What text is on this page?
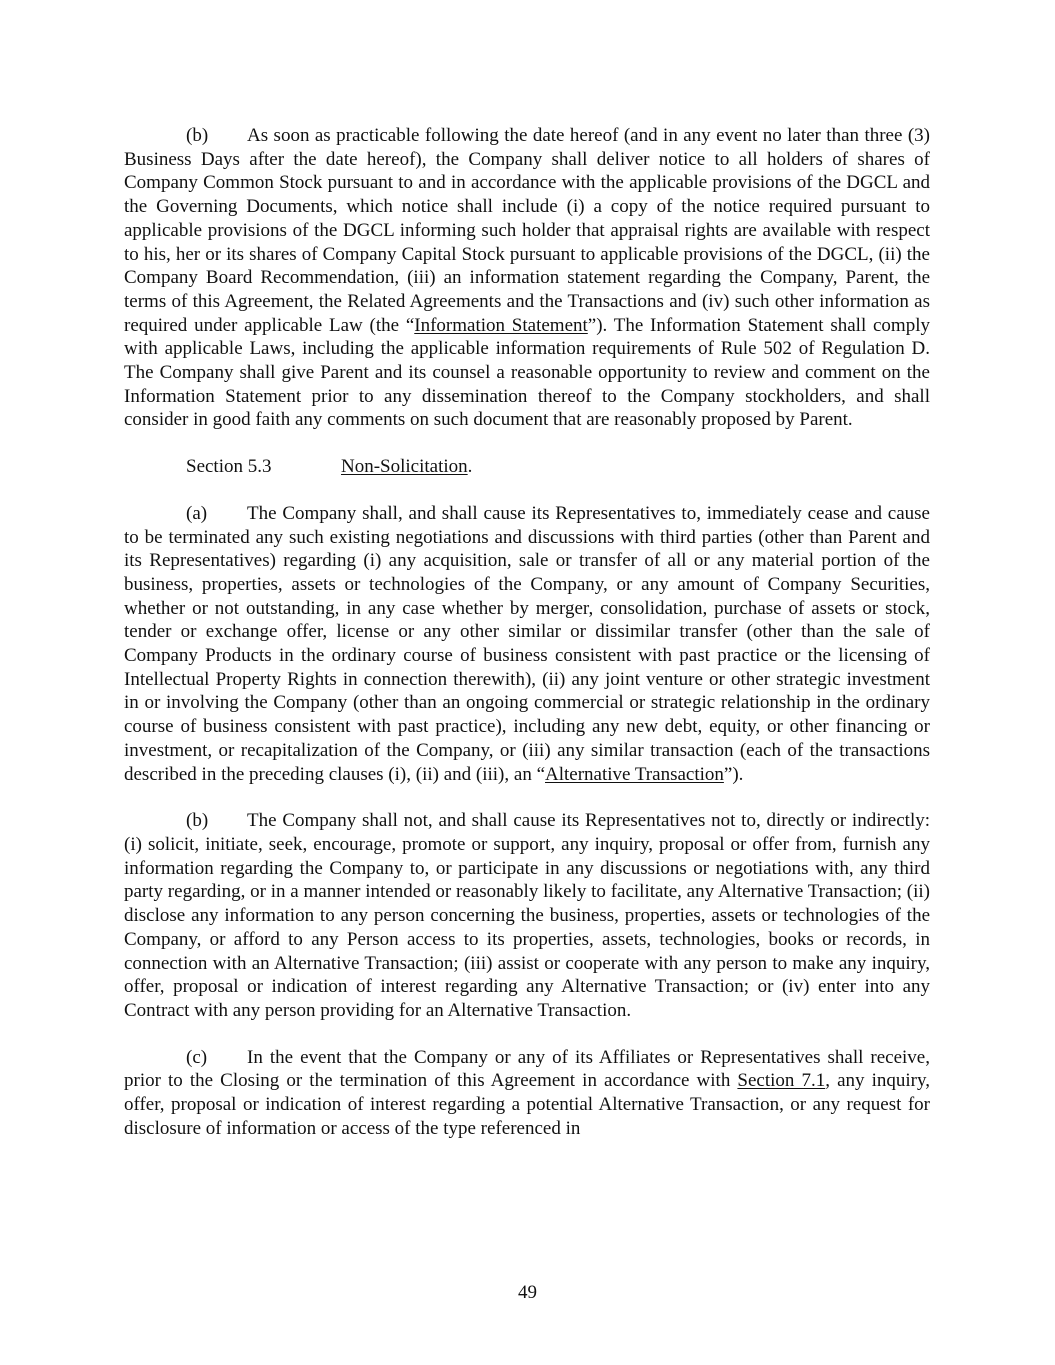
(b) As soon as practicable following the date hereof (and in any event no later than three (3) Business Days after the date hereof), the Company shall deliver notice to all holders of shares of Company Common Stock pursuant to and in accordance with the applicable provisions of the DGCL and the Governing Documents, which notice shall include (i) a copy of the notice required pursuant to applicable provisions of the DGCL informing such holder that appraisal rights are available with respect to his, her or its shares of Company Capital Stock pursuant to applicable provisions of the DGCL, (ii) the Company Board Recommendation, (iii) an information statement regarding the Company, Parent, the terms of this Agreement, the Related Agreements and the Transactions and (iv) such other information as required under applicable Law (the “Information Statement”). The Information Statement shall comply with applicable Laws, including the applicable information requirements of Rule 502 of Regulation D. The Company shall give Parent and its counsel a reasonable opportunity to review and comment on the Information Statement prior to any dissemination thereof to the Company stockholders, and shall consider in good faith any comments on such document that are reasonably proposed by Parent.

Section 5.3	Non-Solicitation.

(a) The Company shall, and shall cause its Representatives to, immediately cease and cause to be terminated any such existing negotiations and discussions with third parties (other than Parent and its Representatives) regarding (i) any acquisition, sale or transfer of all or any material portion of the business, properties, assets or technologies of the Company, or any amount of Company Securities, whether or not outstanding, in any case whether by merger, consolidation, purchase of assets or stock, tender or exchange offer, license or any other similar or dissimilar transfer (other than the sale of Company Products in the ordinary course of business consistent with past practice or the licensing of Intellectual Property Rights in connection therewith), (ii) any joint venture or other strategic investment in or involving the Company (other than an ongoing commercial or strategic relationship in the ordinary course of business consistent with past practice), including any new debt, equity, or other financing or investment, or recapitalization of the Company, or (iii) any similar transaction (each of the transactions described in the preceding clauses (i), (ii) and (iii), an “Alternative Transaction”).

(b) The Company shall not, and shall cause its Representatives not to, directly or indirectly: (i) solicit, initiate, seek, encourage, promote or support, any inquiry, proposal or offer from, furnish any information regarding the Company to, or participate in any discussions or negotiations with, any third party regarding, or in a manner intended or reasonably likely to facilitate, any Alternative Transaction; (ii) disclose any information to any person concerning the business, properties, assets or technologies of the Company, or afford to any Person access to its properties, assets, technologies, books or records, in connection with an Alternative Transaction; (iii) assist or cooperate with any person to make any inquiry, offer, proposal or indication of interest regarding any Alternative Transaction; or (iv) enter into any Contract with any person providing for an Alternative Transaction.

(c) In the event that the Company or any of its Affiliates or Representatives shall receive, prior to the Closing or the termination of this Agreement in accordance with Section 7.1, any inquiry, offer, proposal or indication of interest regarding a potential Alternative Transaction, or any request for disclosure of information or access of the type referenced in

49
